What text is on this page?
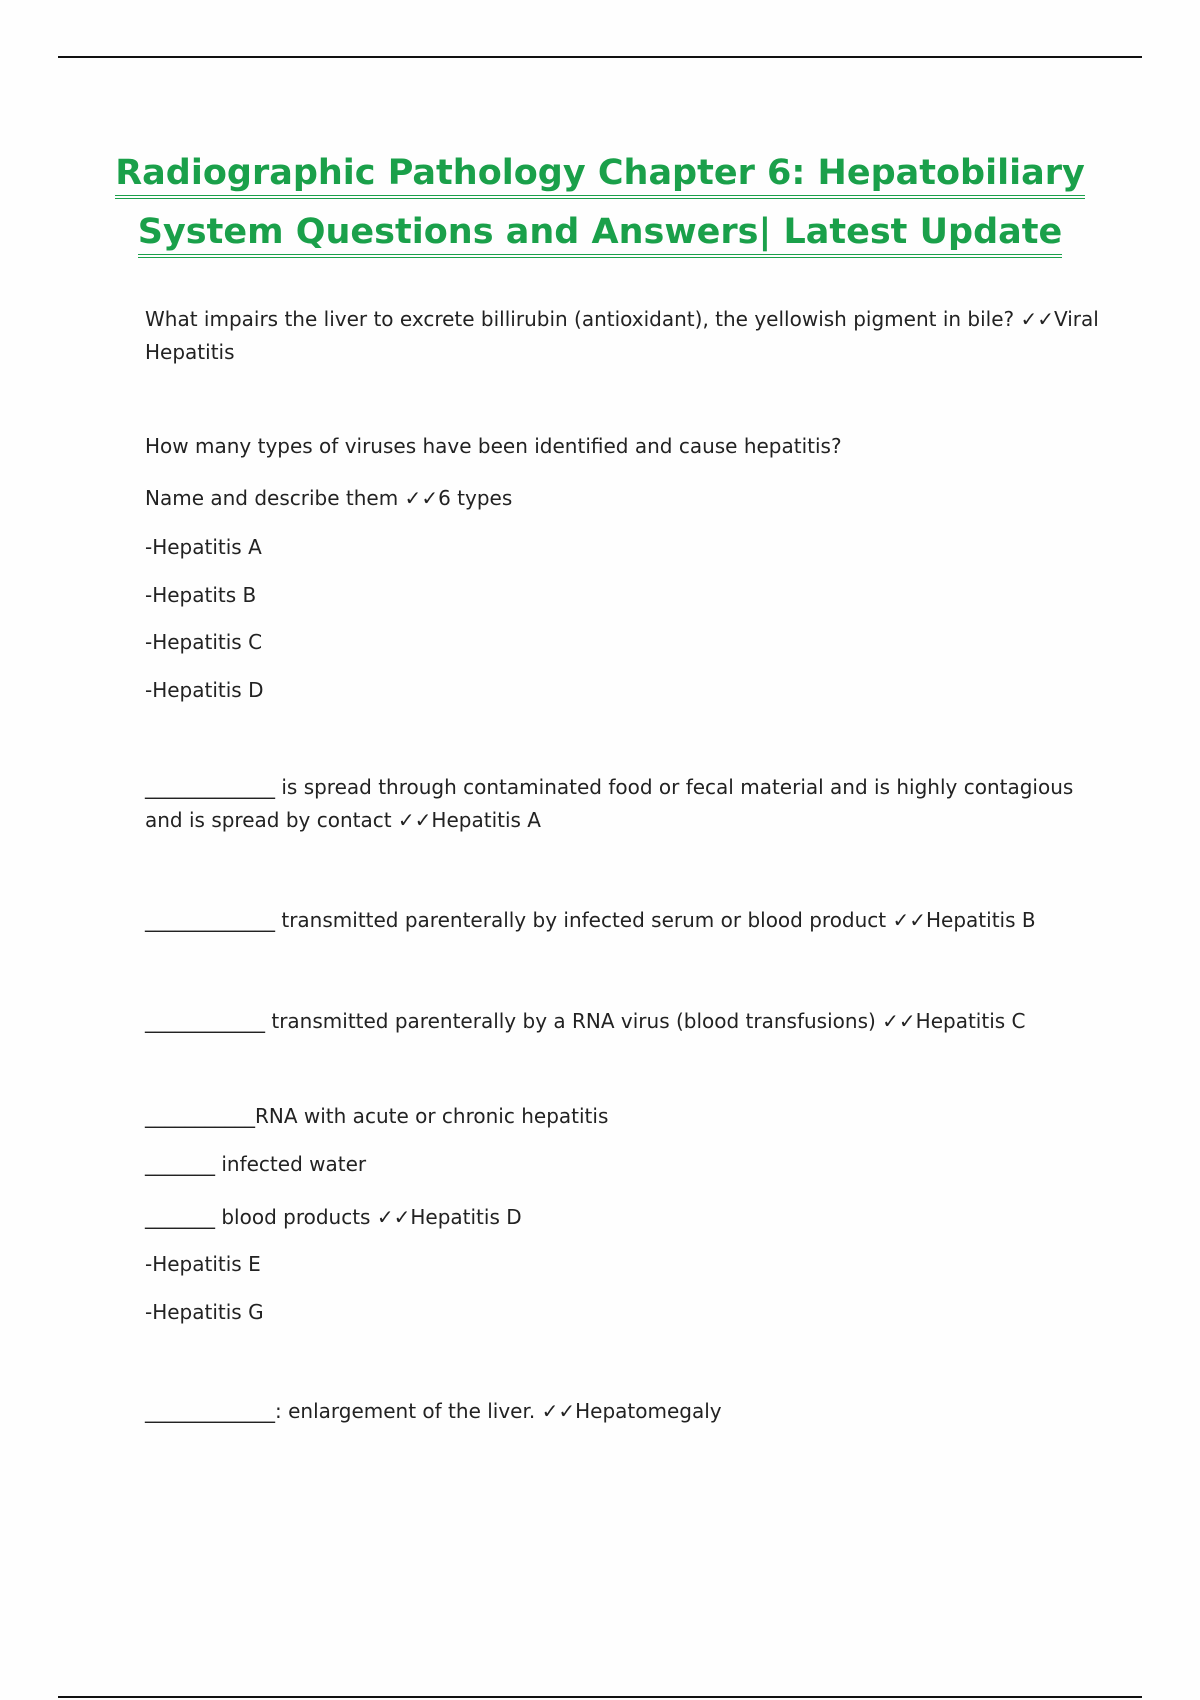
Radiographic Pathology Chapter 6: Hepatobiliary
System Questions and Answers| Latest Update
What impairs the liver to excrete billirubin (antioxidant), the yellowish pigment in bile? ✓✓Viral Hepatitis
How many types of viruses have been identified and cause hepatitis?
Name and describe them ✓✓6 types
-Hepatitis A
-Hepatits B
-Hepatitis C
-Hepatitis D
_____________ is spread through contaminated food or fecal material and is highly contagious and is spread by contact ✓✓Hepatitis A
_____________ transmitted parenterally by infected serum or blood product ✓✓Hepatitis B
____________ transmitted parenterally by a RNA virus (blood transfusions) ✓✓Hepatitis C
___________RNA with acute or chronic hepatitis
_______ infected water
_______ blood products ✓✓Hepatitis D
-Hepatitis E
-Hepatitis G
_____________: enlargement of the liver. ✓✓Hepatomegaly
